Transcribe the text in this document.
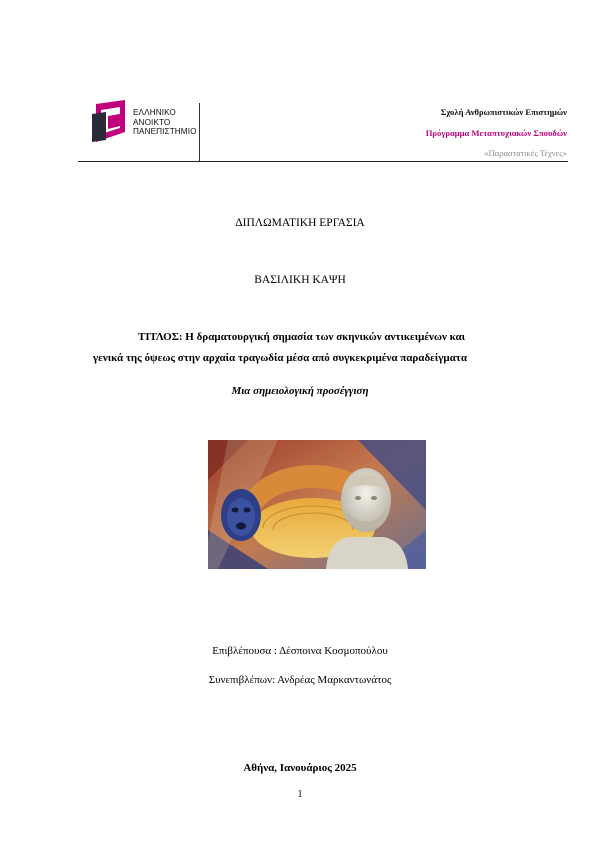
ΕΛΛΗΝΙΚΟ
ΑΝΟΙΚΤΟ
ΠΑΝΕΠΙΣΤΗΜΙΟ
Σχολή Ανθρωπιστικών Επιστημών
Πρόγραμμα Μεταπτυχιακών Σπουδών
«Παραστατικές Τέχνες»
ΔΙΠΛΩΜΑΤΙΚΗ ΕΡΓΑΣΙΑ
ΒΑΣΙΛΙΚΗ ΚΑΨΗ
ΤΙΤΛΟΣ: Η δραματουργική σημασία των σκηνικών αντικειμένων και
γενικά της όψεως στην αρχαία τραγωδία μέσα από συγκεκριμένα παραδείγματα
Μια σημειολογική προσέγγιση
Επιβλέπουσα : Δέσποινα Κοσμοπούλου
Συνεπιβλέπων: Ανδρέας Μαρκαντωνάτος
Αθήνα, Ιανουάριος 2025
1
